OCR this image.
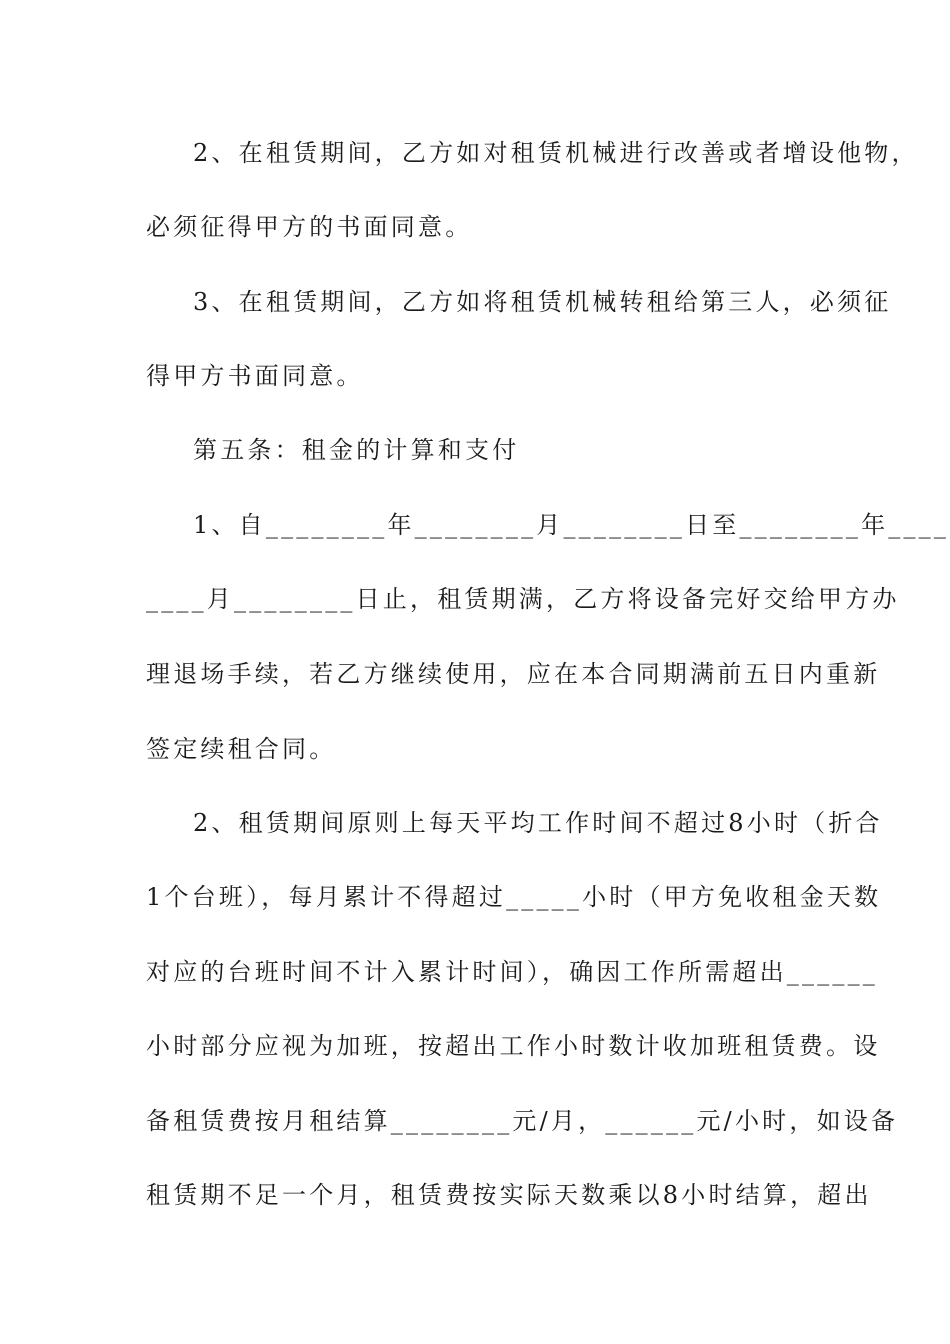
2、在租赁期间，乙方如对租赁机械进行改善或者增设他物，
必须征得甲方的书面同意。
3、在租赁期间，乙方如将租赁机械转租给第三人，必须征
得甲方书面同意。
第五条：租金的计算和支付
1、自________年________月________日至________年____
____月________日止，租赁期满，乙方将设备完好交给甲方办
理退场手续，若乙方继续使用，应在本合同期满前五日内重新
签定续租合同。
2、租赁期间原则上每天平均工作时间不超过8小时（折合
1个台班），每月累计不得超过_____小时（甲方免收租金天数
对应的台班时间不计入累计时间），确因工作所需超出______
小时部分应视为加班，按超出工作小时数计收加班租赁费。设
备租赁费按月租结算________元/月，______元/小时，如设备
租赁期不足一个月，租赁费按实际天数乘以8小时结算，超出
